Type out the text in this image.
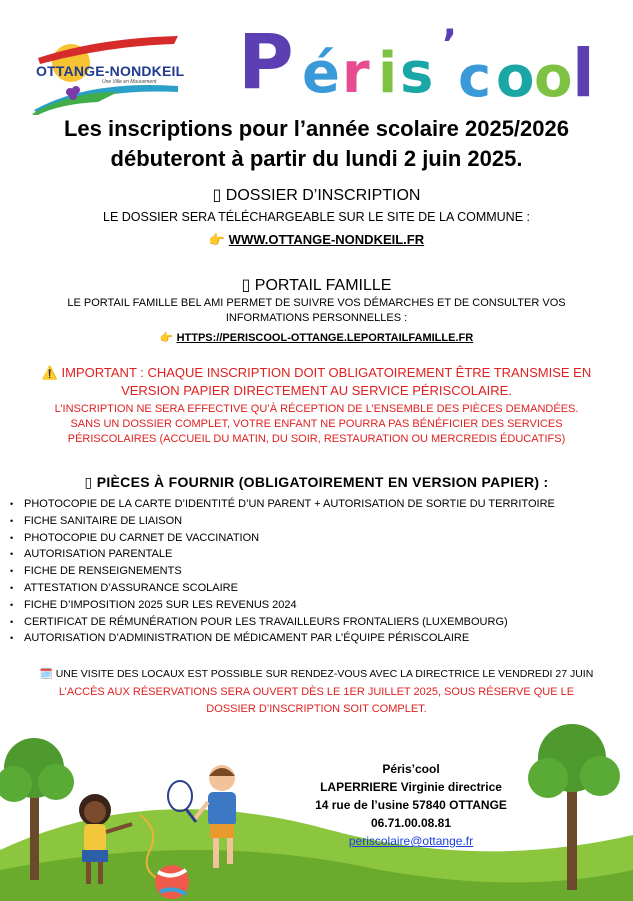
OTTANGE-NONDKEIL
Une Ville en Mouvement P é r i s ’ c o o l
Les inscriptions pour l’année scolaire 2025/2026
débuteront à partir du lundi 2 juin 2025.
▯ DOSSIER D’INSCRIPTION
LE DOSSIER SERA TÉLÉCHARGEABLE SUR LE SITE DE LA COMMUNE :
👉 WWW.OTTANGE-NONDKEIL.FR
▯ PORTAIL FAMILLE
LE PORTAIL FAMILLE BEL AMI PERMET DE SUIVRE VOS DÉMARCHES ET DE CONSULTER VOS
INFORMATIONS PERSONNELLES :
👉 HTTPS://PERISCOOL-OTTANGE.LEPORTAILFAMILLE.FR
⚠️ IMPORTANT : CHAQUE INSCRIPTION DOIT OBLIGATOIREMENT ÊTRE TRANSMISE EN
VERSION PAPIER DIRECTEMENT AU SERVICE PÉRISCOLAIRE.
L’INSCRIPTION NE SERA EFFECTIVE QU’À RÉCEPTION DE L’ENSEMBLE DES PIÈCES DEMANDÉES.
SANS UN DOSSIER COMPLET, VOTRE ENFANT NE POURRA PAS BÉNÉFICIER DES SERVICES
PÉRISCOLAIRES (ACCUEIL DU MATIN, DU SOIR, RESTAURATION OU MERCREDIS ÉDUCATIFS)
▯ PIÈCES À FOURNIR (OBLIGATOIREMENT EN VERSION PAPIER) :
• PHOTOCOPIE DE LA CARTE D’IDENTITÉ D’UN PARENT + AUTORISATION DE SORTIE DU TERRITOIRE
• FICHE SANITAIRE DE LIAISON
• PHOTOCOPIE DU CARNET DE VACCINATION
• AUTORISATION PARENTALE
• FICHE DE RENSEIGNEMENTS
• ATTESTATION D’ASSURANCE SCOLAIRE
• FICHE D’IMPOSITION 2025 SUR LES REVENUS 2024
• CERTIFICAT DE RÉMUNÉRATION POUR LES TRAVAILLEURS FRONTALIERS (LUXEMBOURG)
• AUTORISATION D’ADMINISTRATION DE MÉDICAMENT PAR L’ÉQUIPE PÉRISCOLAIRE
🗓️ UNE VISITE DES LOCAUX EST POSSIBLE SUR RENDEZ-VOUS AVEC LA DIRECTRICE LE VENDREDI 27 JUIN
L’ACCÈS AUX RÉSERVATIONS SERA OUVERT DÈS LE 1ER JUILLET 2025, SOUS RÉSERVE QUE LE
DOSSIER D’INSCRIPTION SOIT COMPLET.
Péris’cool
LAPERRIERE Virginie directrice
14 rue de l’usine 57840 OTTANGE
06.71.00.08.81
periscolaire@ottange.fr
